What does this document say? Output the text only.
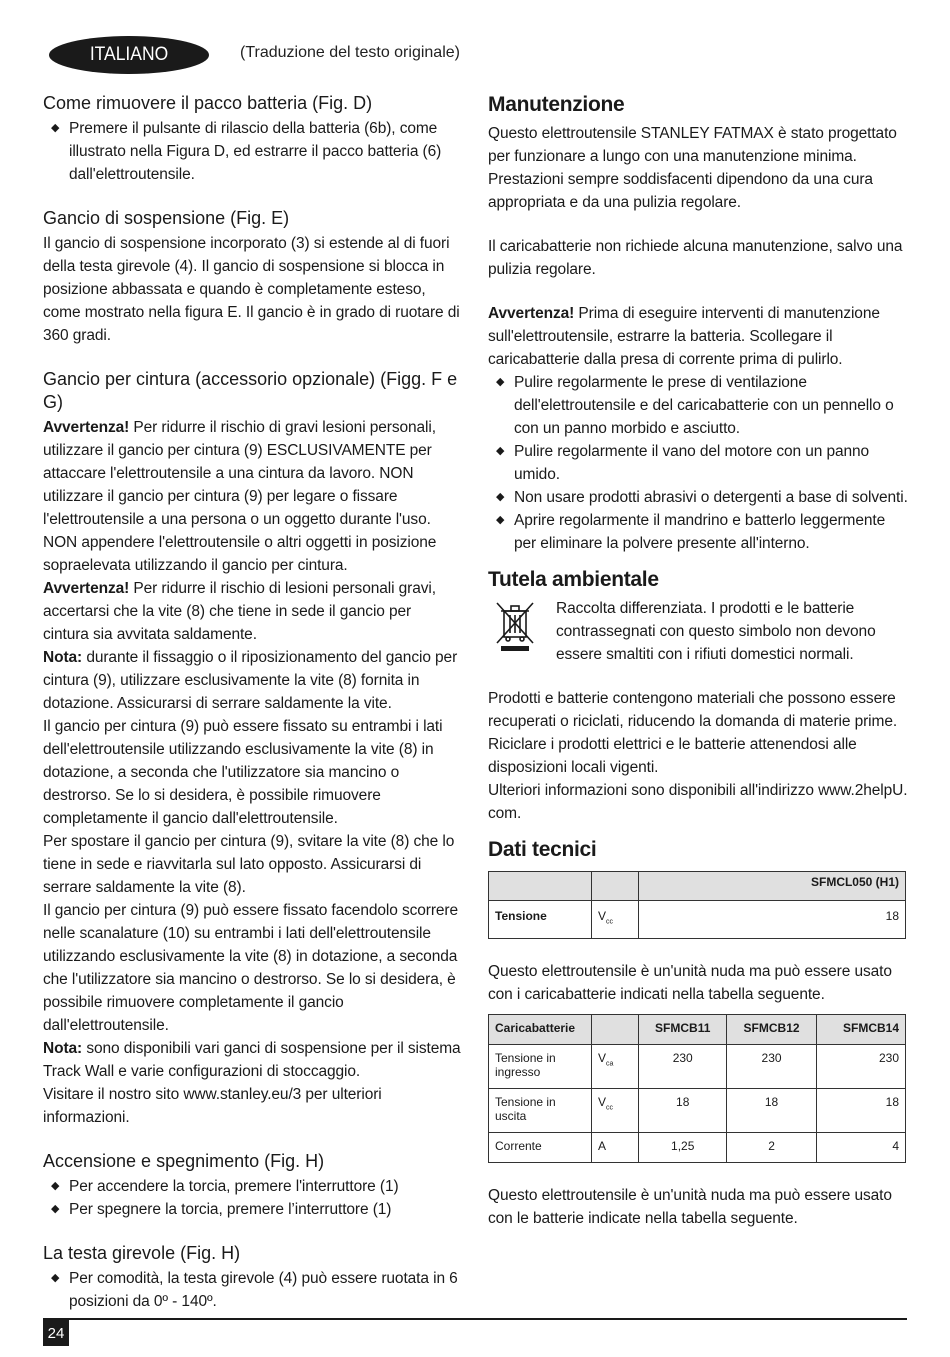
ITALIANO	(Traduzione del testo originale)
Come rimuovere il pacco batteria (Fig. D)
◆ Premere il pulsante di rilascio della batteria (6b), come illustrato nella Figura D, ed estrarre il pacco batteria (6) dall'elettroutensile.
Gancio di sospensione (Fig. E)

Il gancio di sospensione incorporato (3) si estende al di fuori della testa girevole (4). Il gancio di sospensione si blocca in posizione abbassata e quando è completamente esteso, come mostrato nella figura E. Il gancio è in grado di ruotare di 360 gradi.

Gancio per cintura (accessorio opzionale) (Figg. F e G)

Avvertenza! Per ridurre il rischio di gravi lesioni personali, utilizzare il gancio per cintura (9) ESCLUSIVAMENTE per attaccare l'elettroutensile a una cintura da lavoro. NON utilizzare il gancio per cintura (9) per legare o fissare l'elettroutensile a una persona o un oggetto durante l'uso. NON appendere l'elettroutensile o altri oggetti in posizione sopraelevata utilizzando il gancio per cintura.

Avvertenza! Per ridurre il rischio di lesioni personali gravi, accertarsi che la vite (8) che tiene in sede il gancio per cintura sia avvitata saldamente.

Nota: durante il fissaggio o il riposizionamento del gancio per cintura (9), utilizzare esclusivamente la vite (8) fornita in dotazione. Assicurarsi di serrare saldamente la vite.

Il gancio per cintura (9) può essere fissato su entrambi i lati dell'elettroutensile utilizzando esclusivamente la vite (8) in dotazione, a seconda che l'utilizzatore sia mancino o destrorso. Se lo si desidera, è possibile rimuovere completamente il gancio dall'elettroutensile.

Per spostare il gancio per cintura (9), svitare la vite (8) che lo tiene in sede e riavvitarla sul lato opposto. Assicurarsi di serrare saldamente la vite (8).

Il gancio per cintura (9) può essere fissato facendolo scorrere nelle scanalature (10) su entrambi i lati dell'elettroutensile utilizzando esclusivamente la vite (8) in dotazione, a seconda che l'utilizzatore sia mancino o destrorso. Se lo si desidera, è possibile rimuovere completamente il gancio dall'elettroutensile.

Nota: sono disponibili vari ganci di sospensione per il sistema Track Wall e varie configurazioni di stoccaggio.

Visitare il nostro sito www.stanley.eu/3 per ulteriori informazioni.

Accensione e spegnimento (Fig. H)
◆ Per accendere la torcia, premere l'interruttore (1)
◆ Per spegnere la torcia, premere l’interruttore (1)
La testa girevole (Fig. H)
◆ Per comodità, la testa girevole (4) può essere ruotata in 6 posizioni da 0º - 140º.
Manutenzione

Questo elettroutensile STANLEY FATMAX è stato progettato per funzionare a lungo con una manutenzione minima. Prestazioni sempre soddisfacenti dipendono da una cura appropriata e da una pulizia regolare.

Il caricabatterie non richiede alcuna manutenzione, salvo una pulizia regolare.

Avvertenza! Prima di eseguire interventi di manutenzione sull'elettroutensile, estrarre la batteria. Scollegare il caricabatterie dalla presa di corrente prima di pulirlo.

◆ Pulire regolarmente le prese di ventilazione dell'elettroutensile e del caricabatterie con un pennello o con un panno morbido e asciutto.
◆ Pulire regolarmente il vano del motore con un panno umido.
◆ Non usare prodotti abrasivi o detergenti a base di solventi.
◆ Aprire regolarmente il mandrino e batterlo leggermente per eliminare la polvere presente all'interno.
Tutela ambientale

Raccolta differenziata. I prodotti e le batterie contrassegnati con questo simbolo non devono essere smaltiti con i rifiuti domestici normali.

Prodotti e batterie contengono materiali che possono essere recuperati o riciclati, riducendo la domanda di materie prime. Riciclare i prodotti elettrici e le batterie attenendosi alle disposizioni locali vigenti.

Ulteriori informazioni sono disponibili all'indirizzo www.2helpU. com.

Dati tecnici
		SFMCL050 (H1)
Tensione	$V_{cc}$	18

Questo elettroutensile è un'unità nuda ma può essere usato con i caricabatterie indicati nella tabella seguente.

Caricabatterie		SFMCB11	SFMCB12	SFMCB14
Tensione in ingresso	$V_{ca}$	230	230	230
Tensione in uscita	$V_{cc}$	18	18	18
Corrente	A	1,25	2	4

Questo elettroutensile è un'unità nuda ma può essere usato con le batterie indicate nella tabella seguente.

24
